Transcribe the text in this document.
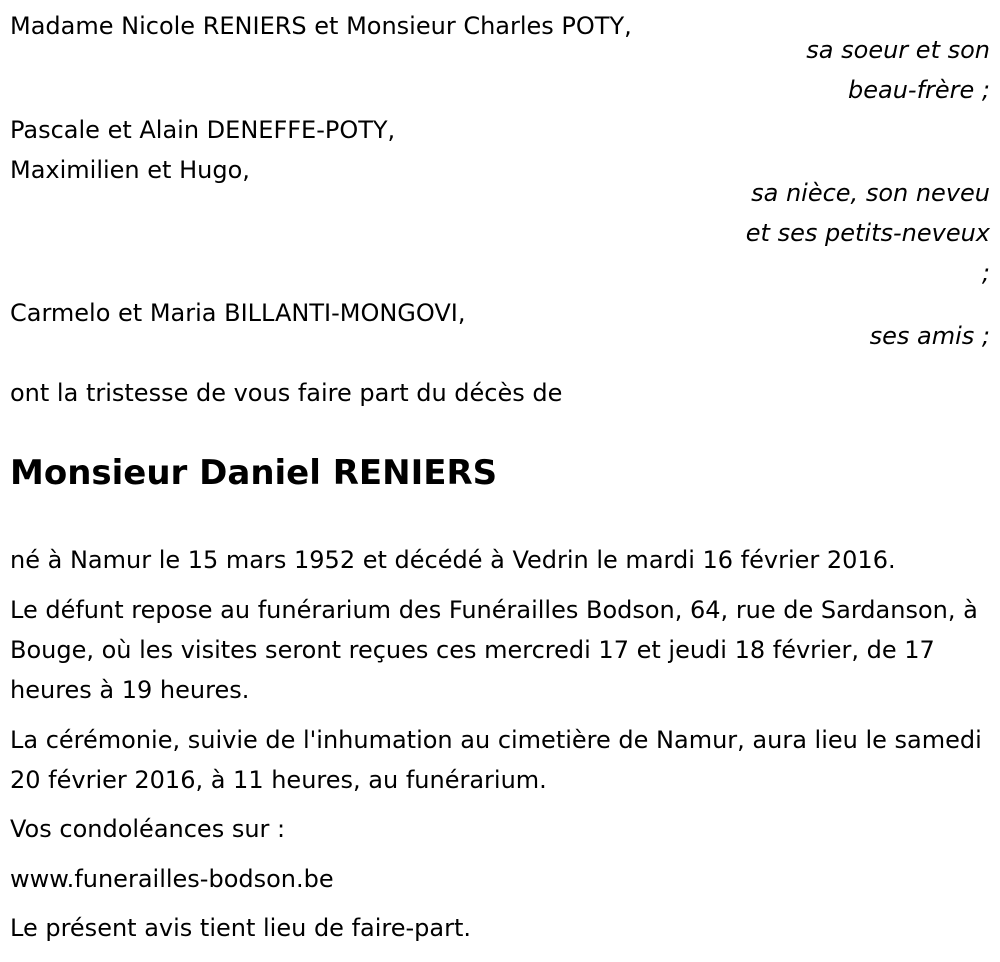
Madame Nicole RENIERS et Monsieur Charles POTY,
sa soeur et son
beau-frère ;
Pascale et Alain DENEFFE-POTY,
Maximilien et Hugo,
sa nièce, son neveu
et ses petits-neveux
;
Carmelo et Maria BILLANTI-MONGOVI,
ses amis ;
ont la tristesse de vous faire part du décès de
Monsieur Daniel RENIERS
né à Namur le 15 mars 1952 et décédé à Vedrin le mardi 16 février 2016.
Le défunt repose au funérarium des Funérailles Bodson, 64, rue de Sardanson, à Bouge, où les visites seront reçues ces mercredi 17 et jeudi 18 février, de 17 heures à 19 heures.
La cérémonie, suivie de l'inhumation au cimetière de Namur, aura lieu le samedi 20 février 2016, à 11 heures, au funérarium.
Vos condoléances sur :
www.funerailles-bodson.be
Le présent avis tient lieu de faire-part.
